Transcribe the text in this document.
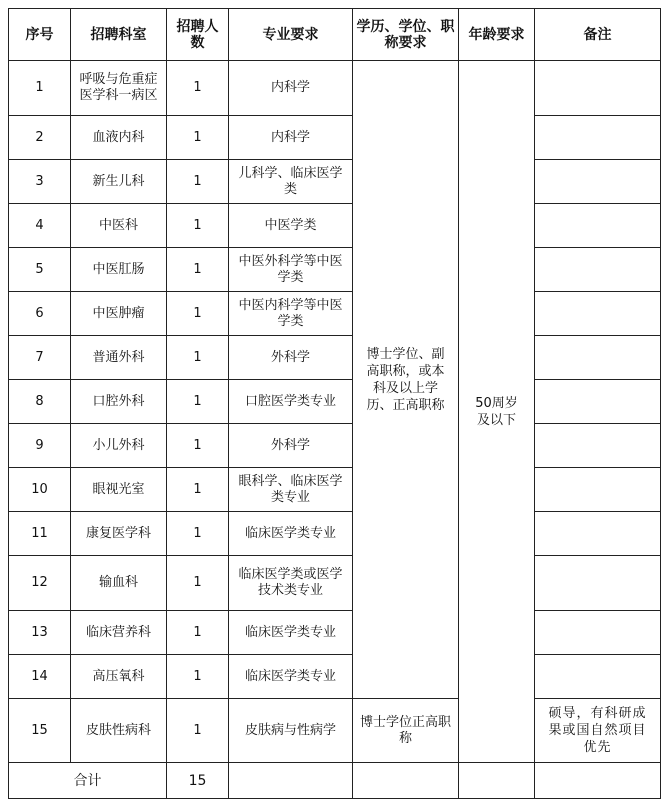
序号	招聘科室	招聘人数	专业要求	学历、学位、职称要求	年龄要求	备注
1	呼吸与危重症医学科一病区	1	内科学	博士学位、副高职称，或本科及以上学历、正高职称	50周岁及以下	
2	血液内科	1	内科学			
3	新生儿科	1	儿科学、临床医学类			
4	中医科	1	中医学类			
5	中医肛肠	1	中医外科学等中医学类			
6	中医肿瘤	1	中医内科学等中医学类			
7	普通外科	1	外科学			
8	口腔外科	1	口腔医学类专业			
9	小儿外科	1	外科学			
10	眼视光室	1	眼科学、临床医学类专业			
11	康复医学科	1	临床医学类专业			
12	输血科	1	临床医学类或医学技术类专业			
13	临床营养科	1	临床医学类专业			
14	高压氧科	1	临床医学类专业			
15	皮肤性病科	1	皮肤病与性病学	博士学位正高职称		硕导，有科研成果或国自然项目优先
合计		15				
